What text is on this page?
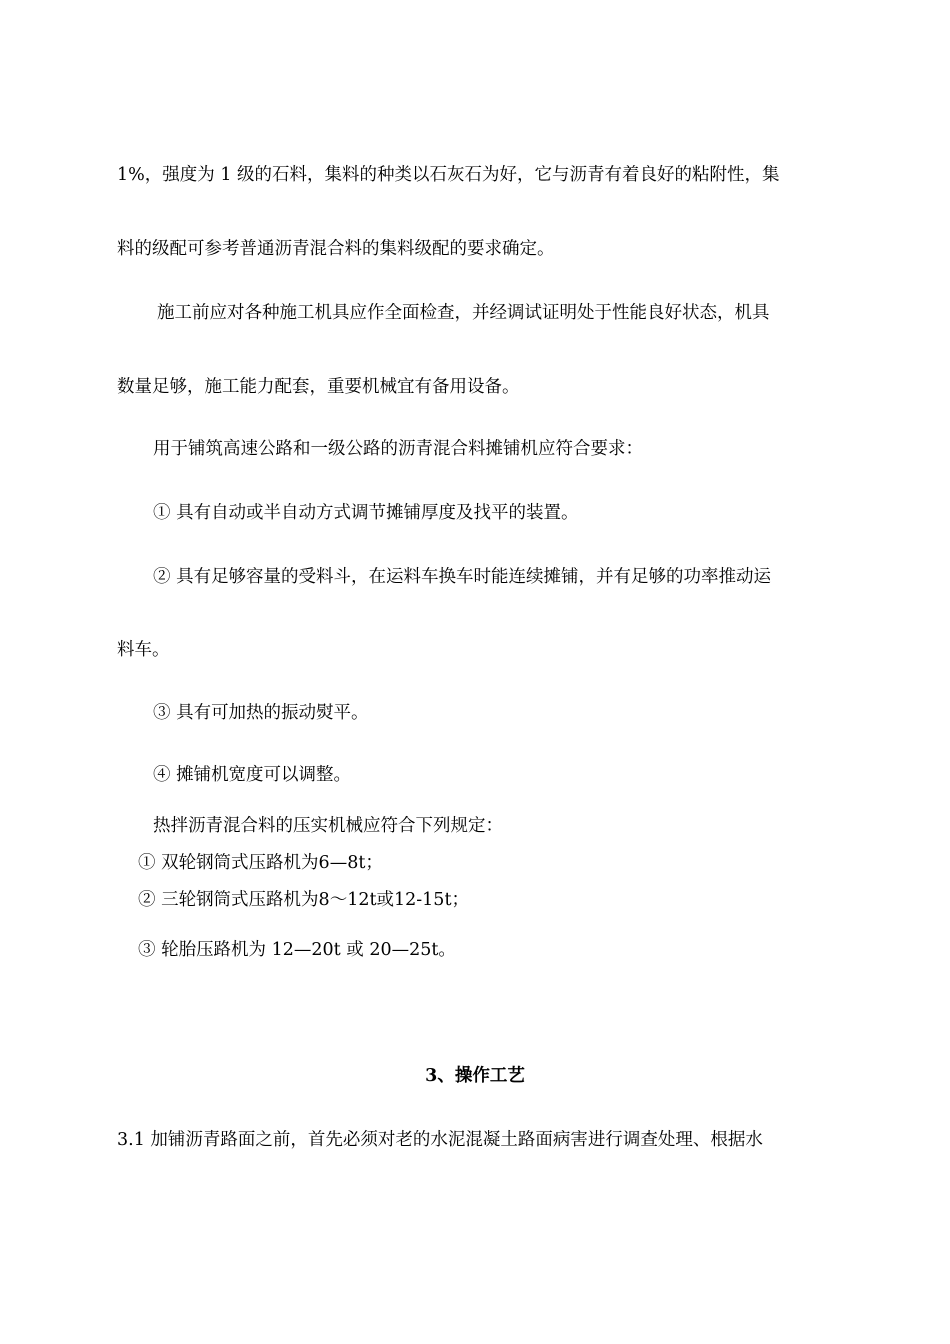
1%，强度为 1 级的石料，集料的种类以石灰石为好，它与沥青有着良好的粘附性，集
料的级配可参考普通沥青混合料的集料级配的要求确定。
施工前应对各种施工机具应作全面检查，并经调试证明处于性能良好状态，机具
数量足够，施工能力配套，重要机械宜有备用设备。
用于铺筑高速公路和一级公路的沥青混合料摊铺机应符合要求：
① 具有自动或半自动方式调节摊铺厚度及找平的装置。
② 具有足够容量的受料斗，在运料车换车时能连续摊铺，并有足够的功率推动运
料车。
③ 具有可加热的振动熨平。
④ 摊铺机宽度可以调整。
热拌沥青混合料的压实机械应符合下列规定：
① 双轮钢筒式压路机为6—8t；
② 三轮钢筒式压路机为8～12t或12-15t；
③ 轮胎压路机为 12—20t 或 20—25t。
3、操作工艺
3.1 加铺沥青路面之前，首先必须对老的水泥混凝土路面病害进行调查处理、根据水
